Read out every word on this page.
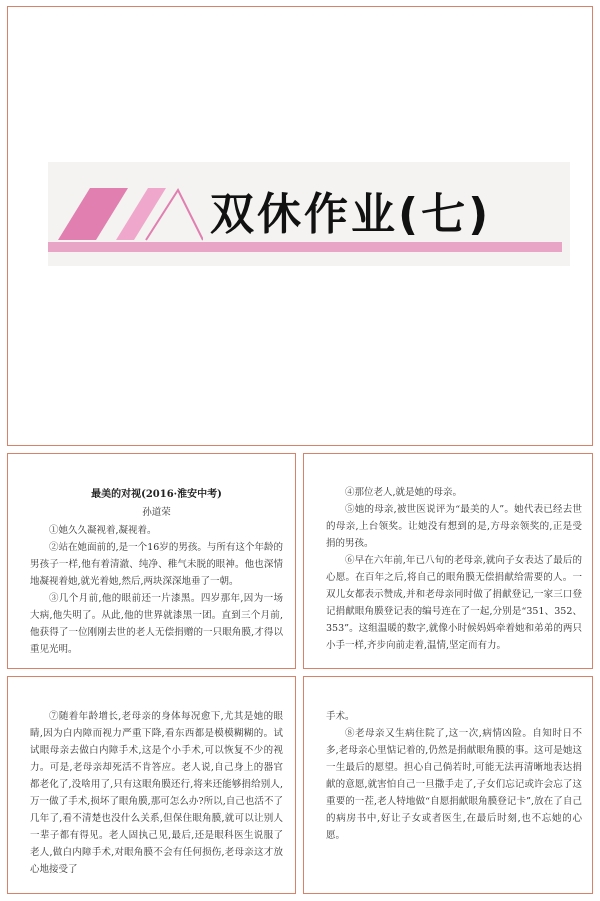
双休作业(七)
最美的对视(2016·淮安中考)
孙道荣

①她久久凝视着,凝视着。

②站在她面前的,是一个16岁的男孩。与所有这个年龄的男孩子一样,他有着清澈、纯净、稚气未脱的眼神。他也深情地凝视着她,就光着她,然后,两块深深地垂了一朝。

③几个月前,他的眼前还一片漆黑。四岁那年,因为一场大病,他失明了。从此,他的世界就漆黑一团。直到三个月前,他获得了一位刚刚去世的老人无偿捐赠的一只眼角膜,才得以重见光明。

④那位老人,就是她的母亲。

⑤她的母亲,被世医说评为“最美的人”。她代表已经去世的母亲,上台领奖。让她没有想到的是,方母亲领奖的,正是受捐的男孩。

⑥早在六年前,年已八旬的老母亲,就向子女表达了最后的心愿。在百年之后,将自己的眼角膜无偿捐献给需要的人。一双儿女都表示赞成,并和老母亲同时做了捐献登记,一家三口登记捐献眼角膜登记表的编号连在了一起,分别是“351、352、353”。这组温暖的数字,就像小时候妈妈牵着她和弟弟的两只小手一样,齐步向前走着,温情,坚定而有力。

⑦随着年龄增长,老母亲的身体每况愈下,尤其是她的眼睛,因为白内障而视力严重下降,看东西都是模模糊糊的。试试眼母亲去做白内障手术,这是个小手术,可以恢复不少的视力。可是,老母亲却死活不肯答应。老人说,自己身上的器官都老化了,没啥用了,只有这眼角膜还行,将来还能够捐给别人,万一做了手术,损坏了眼角膜,那可怎么办?所以,自己也活不了几年了,看不清楚也没什么关系,但保住眼角膜,就可以让别人一辈子都有得见。老人固执己见,最后,还是眼科医生说服了老人,做白内障手术,对眼角膜不会有任何损伤,老母亲这才放心地接受了

手术。

⑧老母亲又生病住院了,这一次,病情凶险。自知时日不多,老母亲心里惦记着的,仍然是捐献眼角膜的事。这可是她这一生最后的愿望。担心自己倘若时,可能无法再清晰地表达捐献的意愿,就害怕自己一旦撒手走了,子女们忘记或许会忘了这重要的一茬,老人特地做“自愿捐献眼角膜登记卡”,放在了自己的病房书中,好让子女或者医生,在最后时刻,也不忘她的心愿。
